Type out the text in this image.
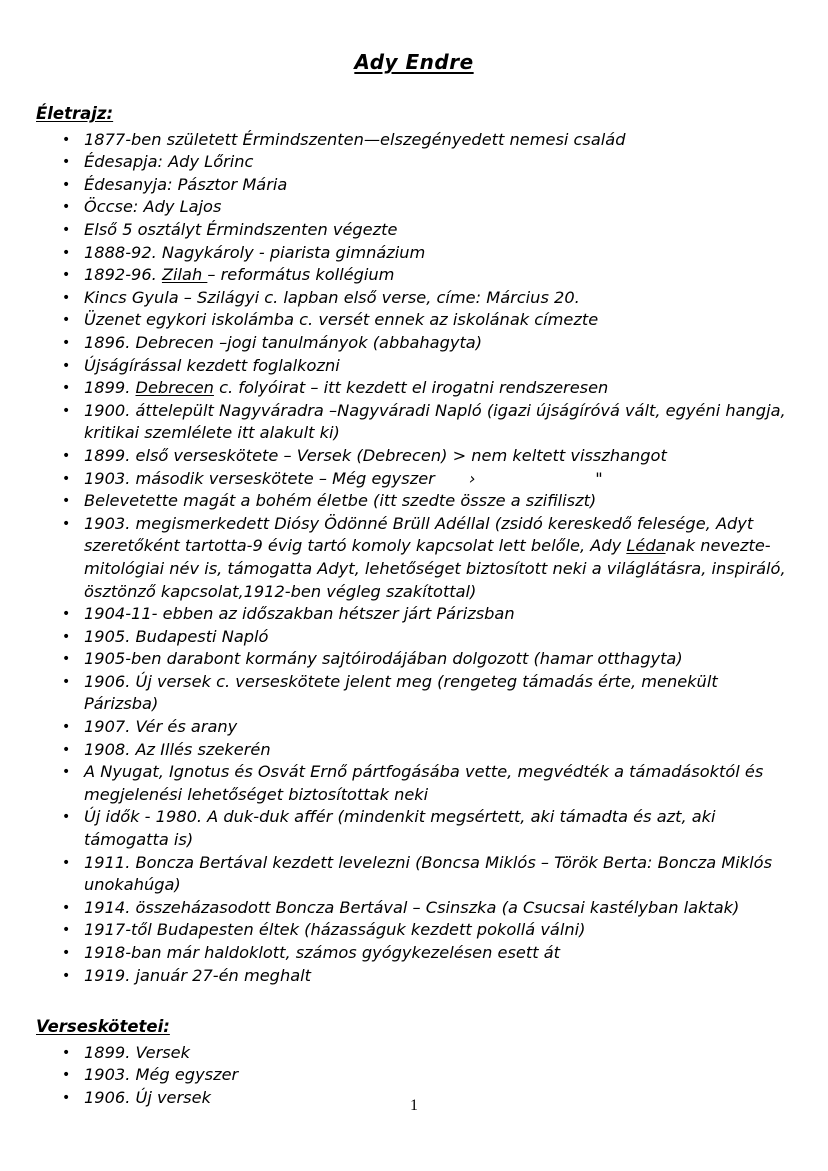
Ady Endre
Életrajz:
• 1877-ben született Érmindszenten—elszegényedett nemesi család
• Édesapja: Ady Lőrinc
• Édesanyja: Pásztor Mária
• Öccse: Ady Lajos
• Első 5 osztályt Érmindszenten végezte
• 1888-92. Nagykároly - piarista gimnázium
• 1892-96. Zilah – református kollégium
• Kincs Gyula – Szilágyi c. lapban első verse, címe: Március 20.
• Üzenet egykori iskolámba c. versét ennek az iskolának címezte
• 1896. Debrecen –jogi tanulmányok (abbahagyta)
• Újságírással kezdett foglalkozni
• 1899. Debrecen c. folyóirat – itt kezdett el irogatni rendszeresen
• 1900. áttelepült Nagyváradra –Nagyváradi Napló (igazi újságíróvá vált, egyéni hangja, kritikai szemlélete itt alakult ki)
• 1899. első verseskötete – Versek (Debrecen) > nem keltett visszhangot
• 1903. második verseskötete – Még egyszer ›	"
• Belevetette magát a bohém életbe (itt szedte össze a szifiliszt)
• 1903. megismerkedett Diósy Ödönné Brüll Adéllal (zsidó kereskedő felesége, Adyt szeretőként tartotta-9 évig tartó komoly kapcsolat lett belőle, Ady Lédanak nevezte-mitológiai név is, támogatta Adyt, lehetőséget biztosított neki a világlátásra, inspiráló, ösztönző kapcsolat,1912-ben végleg szakítottal)
• 1904-11- ebben az időszakban hétszer járt Párizsban
• 1905. Budapesti Napló
• 1905-ben darabont kormány sajtóirodájában dolgozott (hamar otthagyta)
• 1906. Új versek c. verseskötete jelent meg (rengeteg támadás érte, menekült Párizsba)
• 1907. Vér és arany
• 1908. Az Illés szekerén
• A Nyugat, Ignotus és Osvát Ernő pártfogásába vette, megvédték a támadásoktól és megjelenési lehetőséget biztosítottak neki
• Új idők - 1980. A duk-duk affér (mindenkit megsértett, aki támadta és azt, aki támogatta is)
• 1911. Boncza Bertával kezdett levelezni (Boncsa Miklós – Török Berta: Boncza Miklós unokahúga)
• 1914. összeházasodott Boncza Bertával – Csinszka (a Csucsai kastélyban laktak)
• 1917-től Budapesten éltek (házasságuk kezdett pokollá válni)
• 1918-ban már haldoklott, számos gyógykezelésen esett át
• 1919. január 27-én meghalt
Verseskötetei:
• 1899. Versek
• 1903. Még egyszer
• 1906. Új versek	1
